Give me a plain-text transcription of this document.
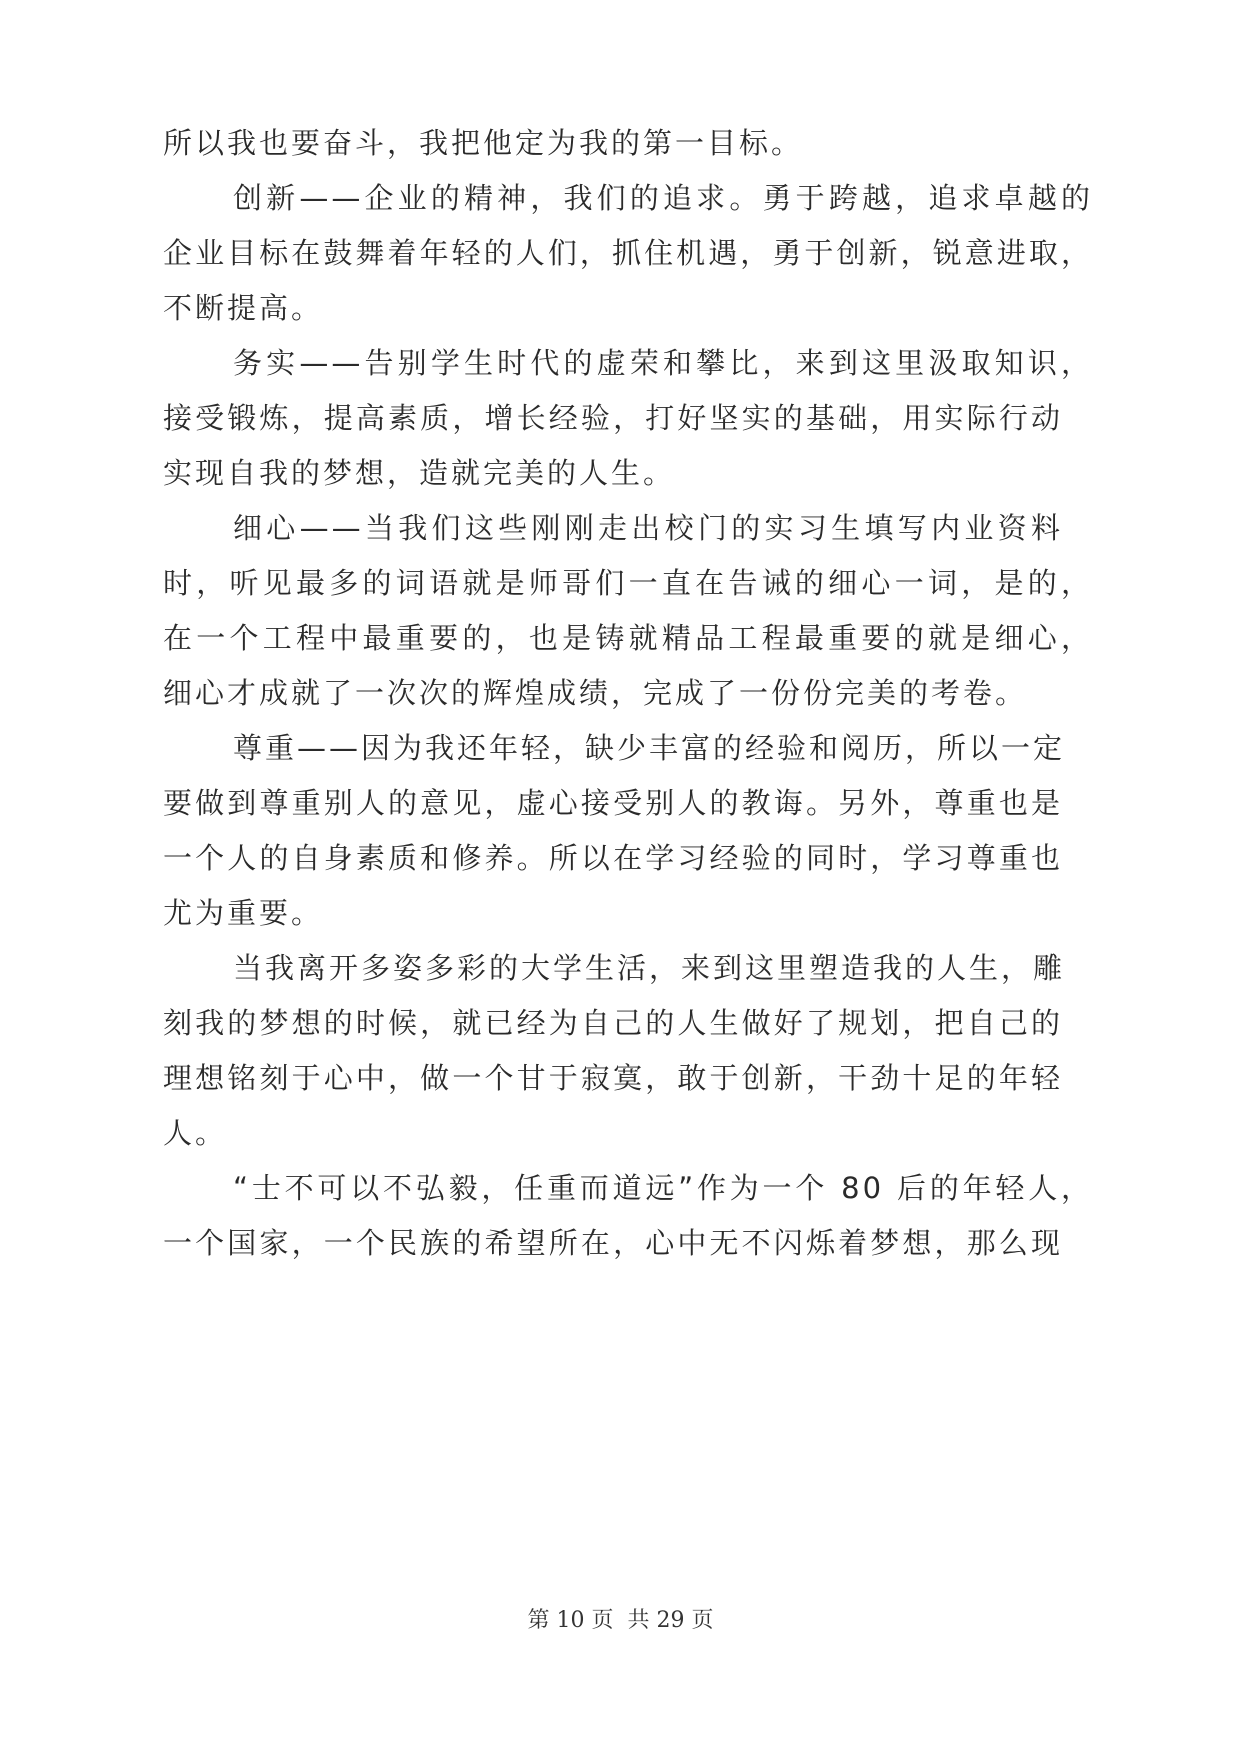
所以我也要奋斗，我把他定为我的第一目标。
创新——企业的精神，我们的追求。勇于跨越，追求卓越的
企业目标在鼓舞着年轻的人们，抓住机遇，勇于创新，锐意进取，
不断提高。
务实——告别学生时代的虚荣和攀比，来到这里汲取知识，
接受锻炼，提高素质，增长经验，打好坚实的基础，用实际行动
实现自我的梦想，造就完美的人生。
细心——当我们这些刚刚走出校门的实习生填写内业资料
时，听见最多的词语就是师哥们一直在告诫的细心一词，是的，
在一个工程中最重要的，也是铸就精品工程最重要的就是细心，
细心才成就了一次次的辉煌成绩，完成了一份份完美的考卷。
尊重——因为我还年轻，缺少丰富的经验和阅历，所以一定
要做到尊重别人的意见，虚心接受别人的教诲。另外，尊重也是
一个人的自身素质和修养。所以在学习经验的同时，学习尊重也
尤为重要。
当我离开多姿多彩的大学生活，来到这里塑造我的人生，雕
刻我的梦想的时候，就已经为自己的人生做好了规划，把自己的
理想铭刻于心中，做一个甘于寂寞，敢于创新，干劲十足的年轻
人。
“士不可以不弘毅，任重而道远”作为一个 80 后的年轻人，
一个国家，一个民族的希望所在，心中无不闪烁着梦想，那么现
第 10 页 共 29 页
